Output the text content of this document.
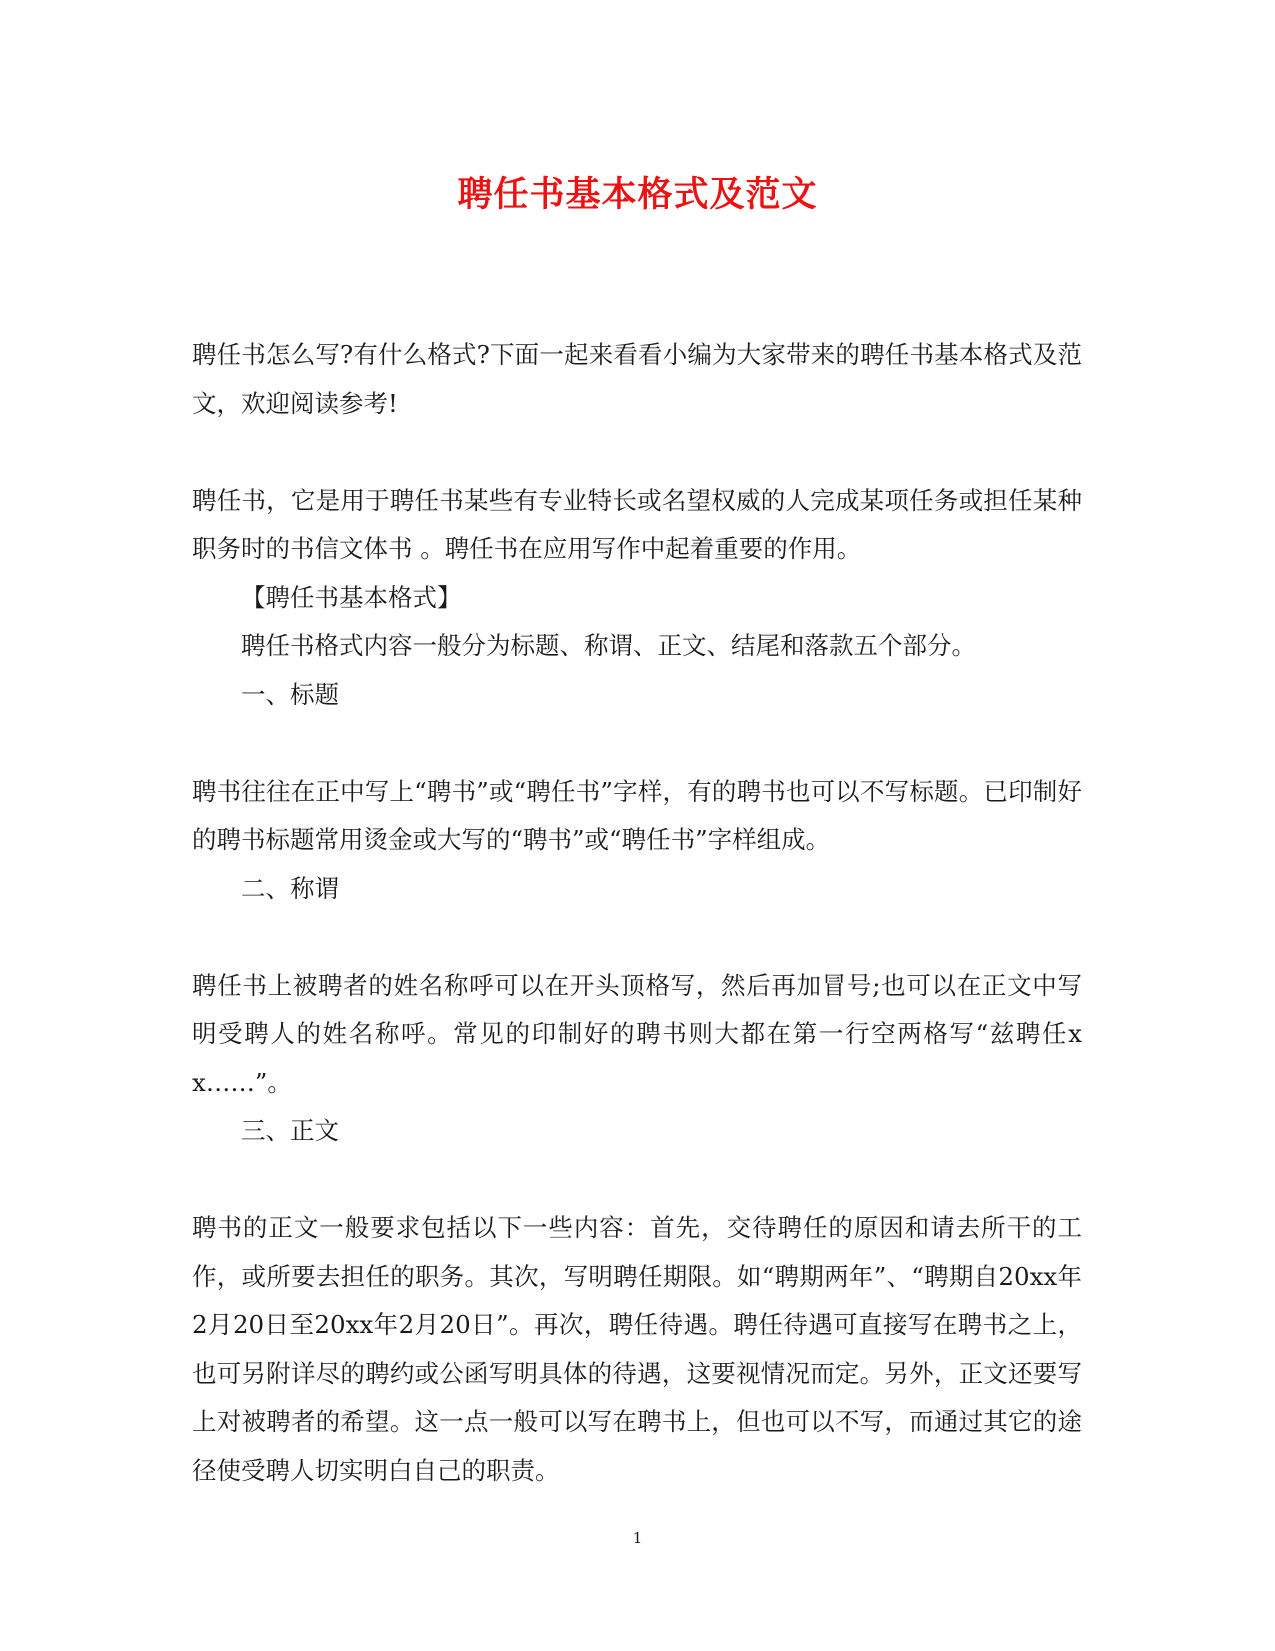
聘任书基本格式及范文

聘任书怎么写?有什么格式?下面一起来看看小编为大家带来的聘任书基本格式及范文，欢迎阅读参考!

聘任书，它是用于聘任书某些有专业特长或名望权威的人完成某项任务或担任某种职务时的书信文体书 。聘任书在应用写作中起着重要的作用。

【聘任书基本格式】

聘任书格式内容一般分为标题、称谓、正文、结尾和落款五个部分。

一、标题

聘书往往在正中写上“聘书”或“聘任书”字样，有的聘书也可以不写标题。已印制好的聘书标题常用烫金或大写的“聘书”或“聘任书”字样组成。

二、称谓

聘任书上被聘者的姓名称呼可以在开头顶格写，然后再加冒号;也可以在正文中写明受聘人的姓名称呼。常见的印制好的聘书则大都在第一行空两格写“兹聘任xx……”。

三、正文

聘书的正文一般要求包括以下一些内容：首先，交待聘任的原因和请去所干的工作，或所要去担任的职务。其次，写明聘任期限。如“聘期两年”、“聘期自20xx年2月20日至20xx年2月20日”。再次，聘任待遇。聘任待遇可直接写在聘书之上，也可另附详尽的聘约或公函写明具体的待遇，这要视情况而定。另外，正文还要写上对被聘者的希望。这一点一般可以写在聘书上，但也可以不写，而通过其它的途径使受聘人切实明白自己的职责。

1
